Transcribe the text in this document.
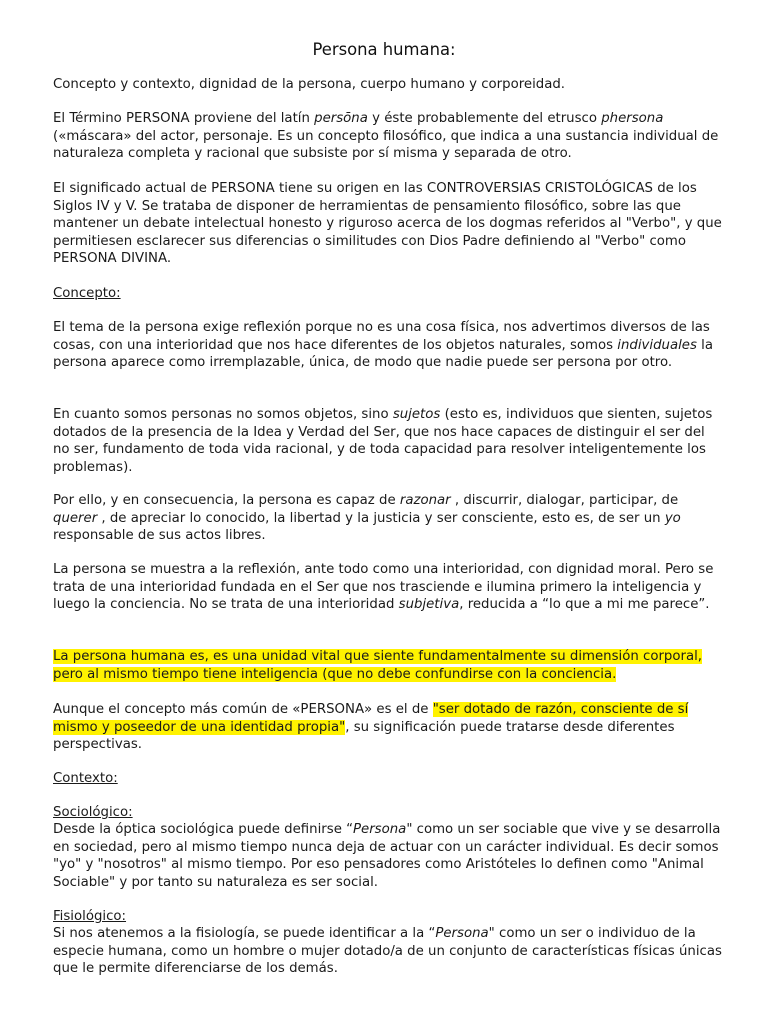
Persona humana:

Concepto y contexto, dignidad de la persona, cuerpo humano y corporeidad.

El Término PERSONA proviene del latín persōna y éste probablemente del etrusco phersona
(«máscara» del actor, personaje. Es un concepto filosófico, que indica a una sustancia individual de naturaleza completa y racional que subsiste por sí misma y separada de otro.

El significado actual de PERSONA tiene su origen en las CONTROVERSIAS CRISTOLÓGICAS de los Siglos IV y V. Se trataba de disponer de herramientas de pensamiento filosófico, sobre las que mantener un debate intelectual honesto y riguroso acerca de los dogmas referidos al "Verbo", y que permitiesen esclarecer sus diferencias o similitudes con Dios Padre definiendo al "Verbo" como PERSONA DIVINA.

Concepto:

El tema de la persona exige reflexión porque no es una cosa física, nos advertimos diversos de las cosas, con una interioridad que nos hace diferentes de los objetos naturales, somos individuales la persona aparece como irremplazable, única, de modo que nadie puede ser persona por otro.

En cuanto somos personas no somos objetos, sino sujetos (esto es, individuos que sienten, sujetos dotados de la presencia de la Idea y Verdad del Ser, que nos hace capaces de distinguir el ser del no ser, fundamento de toda vida racional, y de toda capacidad para resolver inteligentemente los problemas).

Por ello, y en consecuencia, la persona es capaz de razonar , discurrir, dialogar, participar, de querer , de apreciar lo conocido, la libertad y la justicia y ser consciente, esto es, de ser un yo responsable de sus actos libres.

La persona se muestra a la reflexión, ante todo como una interioridad, con dignidad moral. Pero se trata de una interioridad fundada en el Ser que nos trasciende e ilumina primero la inteligencia y luego la conciencia. No se trata de una interioridad subjetiva, reducida a “lo que a mi me parece”.

La persona humana es, es una unidad vital que siente fundamentalmente su dimensión corporal, pero al mismo tiempo tiene inteligencia (que no debe confundirse con la conciencia.

Aunque el concepto más común de «PERSONA» es el de "ser dotado de razón, consciente de sí mismo y poseedor de una identidad propia", su significación puede tratarse desde diferentes perspectivas.

Contexto:

Sociológico:

Desde la óptica sociológica puede definirse “Persona" como un ser sociable que vive y se desarrolla en sociedad, pero al mismo tiempo nunca deja de actuar con un carácter individual. Es decir somos "yo" y "nosotros" al mismo tiempo. Por eso pensadores como Aristóteles lo definen como "Animal Sociable" y por tanto su naturaleza es ser social.

Fisiológico:

Si nos atenemos a la fisiología, se puede identificar a la “Persona" como un ser o individuo de la especie humana, como un hombre o mujer dotado/a de un conjunto de características físicas únicas que le permite diferenciarse de los demás.
